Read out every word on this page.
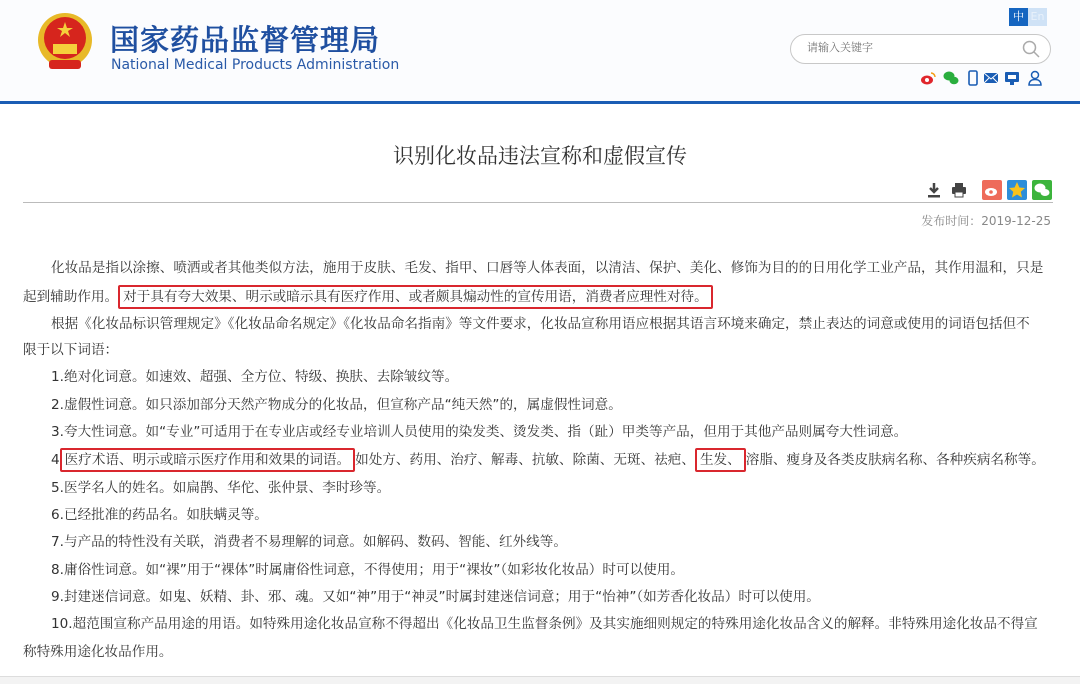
国家药品监督管理局
National Medical Products Administration
中 En
请输入关键字
识别化妆品违法宣称和虚假宣传
发布时间：2019-12-25
化妆品是指以涂擦、喷洒或者其他类似方法，施用于皮肤、毛发、指甲、口唇等人体表面，以清洁、保护、美化、修饰为目的的日用化学工业产品，其作用温和，只是
起到辅助作用。 对于具有夸大效果、明示或暗示具有医疗作用、或者颇具煽动性的宣传用语，消费者应理性对待。
根据《化妆品标识管理规定》《化妆品命名规定》《化妆品命名指南》等文件要求，化妆品宣称用语应根据其语言环境来确定，禁止表达的词意或使用的词语包括但不
限于以下词语：
1.绝对化词意。如速效、超强、全方位、特级、换肤、去除皱纹等。
2.虚假性词意。如只添加部分天然产物成分的化妆品，但宣称产品“纯天然”的，属虚假性词意。
3.夸大性词意。如“专业”可适用于在专业店或经专业培训人员使用的染发类、烫发类、指（趾）甲类等产品，但用于其他产品则属夸大性词意。
4 医疗术语、明示或暗示医疗作用和效果的词语。 如处方、药用、治疗、解毒、抗敏、除菌、无斑、祛疤、 生发、 溶脂、瘦身及各类皮肤病名称、各种疾病名称等。
5.医学名人的姓名。如扁鹊、华佗、张仲景、李时珍等。
6.已经批准的药品名。如肤螨灵等。
7.与产品的特性没有关联，消费者不易理解的词意。如解码、数码、智能、红外线等。
8.庸俗性词意。如“裸”用于“裸体”时属庸俗性词意，不得使用；用于“裸妆”（如彩妆化妆品）时可以使用。
9.封建迷信词意。如鬼、妖精、卦、邪、魂。又如“神”用于“神灵”时属封建迷信词意；用于“怡神”（如芳香化妆品）时可以使用。
10.超范围宣称产品用途的用语。如特殊用途化妆品宣称不得超出《化妆品卫生监督条例》及其实施细则规定的特殊用途化妆品含义的解释。非特殊用途化妆品不得宣
称特殊用途化妆品作用。
